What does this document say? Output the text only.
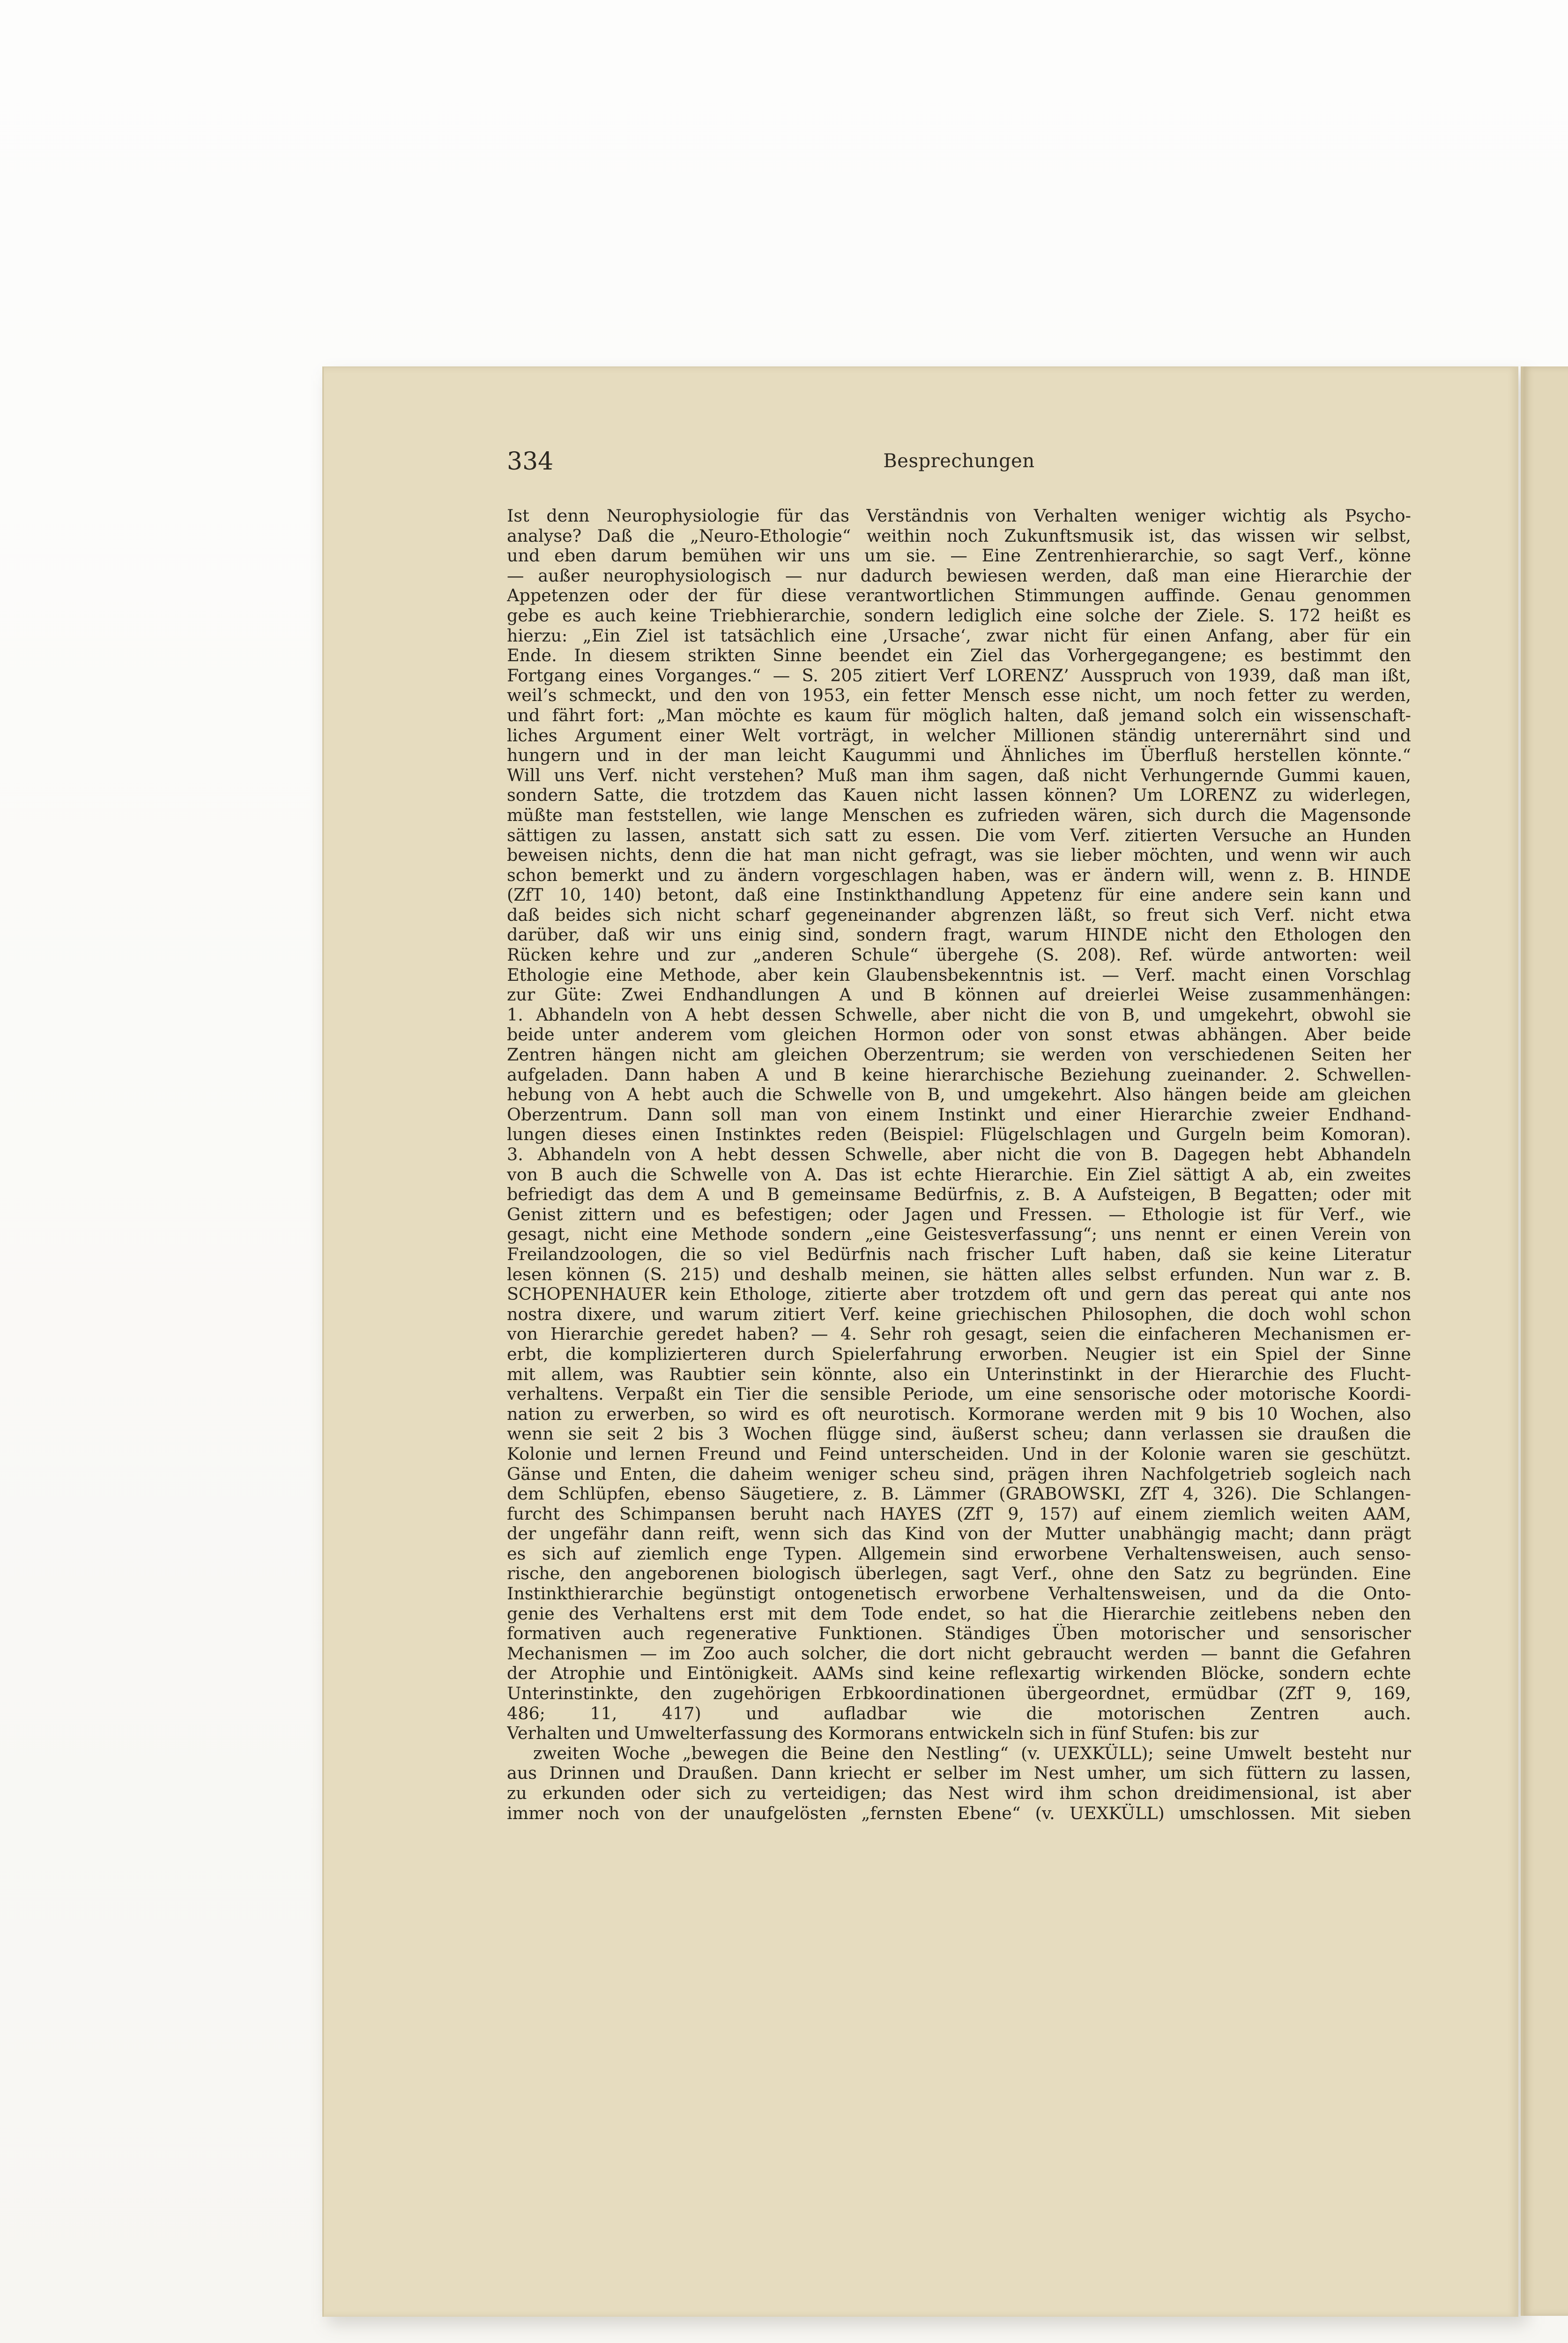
334	Besprechungen
Ist denn Neurophysiologie für das Verständnis von Verhalten weniger wichtig als Psycho-
analyse? Daß die „Neuro-Ethologie“ weithin noch Zukunftsmusik ist, das wissen wir selbst,
und eben darum bemühen wir uns um sie. — Eine Zentrenhierarchie, so sagt Verf., könne
— außer neurophysiologisch — nur dadurch bewiesen werden, daß man eine Hierarchie der
Appetenzen oder der für diese verantwortlichen Stimmungen auffinde. Genau genommen
gebe es auch keine Triebhierarchie, sondern lediglich eine solche der Ziele. S. 172 heißt es
hierzu: „Ein Ziel ist tatsächlich eine ‚Ursache‘, zwar nicht für einen Anfang, aber für ein
Ende. In diesem strikten Sinne beendet ein Ziel das Vorhergegangene; es bestimmt den
Fortgang eines Vorganges.“ — S. 205 zitiert Verf LORENZ’ Ausspruch von 1939, daß man ißt,
weil’s schmeckt, und den von 1953, ein fetter Mensch esse nicht, um noch fetter zu werden,
und fährt fort: „Man möchte es kaum für möglich halten, daß jemand solch ein wissenschaft-
liches Argument einer Welt vorträgt, in welcher Millionen ständig unterernährt sind und
hungern und in der man leicht Kaugummi und Ähnliches im Überfluß herstellen könnte.“
Will uns Verf. nicht verstehen? Muß man ihm sagen, daß nicht Verhungernde Gummi kauen,
sondern Satte, die trotzdem das Kauen nicht lassen können? Um LORENZ zu widerlegen,
müßte man feststellen, wie lange Menschen es zufrieden wären, sich durch die Magensonde
sättigen zu lassen, anstatt sich satt zu essen. Die vom Verf. zitierten Versuche an Hunden
beweisen nichts, denn die hat man nicht gefragt, was sie lieber möchten, und wenn wir auch
schon bemerkt und zu ändern vorgeschlagen haben, was er ändern will, wenn z. B. HINDE
(ZfT 10, 140) betont, daß eine Instinkthandlung Appetenz für eine andere sein kann und
daß beides sich nicht scharf gegeneinander abgrenzen läßt, so freut sich Verf. nicht etwa
darüber, daß wir uns einig sind, sondern fragt, warum HINDE nicht den Ethologen den
Rücken kehre und zur „anderen Schule“ übergehe (S. 208). Ref. würde antworten: weil
Ethologie eine Methode, aber kein Glaubensbekenntnis ist. — Verf. macht einen Vorschlag
zur Güte: Zwei Endhandlungen A und B können auf dreierlei Weise zusammenhängen:
1. Abhandeln von A hebt dessen Schwelle, aber nicht die von B, und umgekehrt, obwohl sie
beide unter anderem vom gleichen Hormon oder von sonst etwas abhängen. Aber beide
Zentren hängen nicht am gleichen Oberzentrum; sie werden von verschiedenen Seiten her
aufgeladen. Dann haben A und B keine hierarchische Beziehung zueinander. 2. Schwellen-
hebung von A hebt auch die Schwelle von B, und umgekehrt. Also hängen beide am gleichen
Oberzentrum. Dann soll man von einem Instinkt und einer Hierarchie zweier Endhand-
lungen dieses einen Instinktes reden (Beispiel: Flügelschlagen und Gurgeln beim Komoran).
3. Abhandeln von A hebt dessen Schwelle, aber nicht die von B. Dagegen hebt Abhandeln
von B auch die Schwelle von A. Das ist echte Hierarchie. Ein Ziel sättigt A ab, ein zweites
befriedigt das dem A und B gemeinsame Bedürfnis, z. B. A Aufsteigen, B Begatten; oder mit
Genist zittern und es befestigen; oder Jagen und Fressen. — Ethologie ist für Verf., wie
gesagt, nicht eine Methode sondern „eine Geistesverfassung“; uns nennt er einen Verein von
Freilandzoologen, die so viel Bedürfnis nach frischer Luft haben, daß sie keine Literatur
lesen können (S. 215) und deshalb meinen, sie hätten alles selbst erfunden. Nun war z. B.
SCHOPENHAUER kein Ethologe, zitierte aber trotzdem oft und gern das pereat qui ante nos
nostra dixere, und warum zitiert Verf. keine griechischen Philosophen, die doch wohl schon
von Hierarchie geredet haben? — 4. Sehr roh gesagt, seien die einfacheren Mechanismen er-
erbt, die komplizierteren durch Spielerfahrung erworben. Neugier ist ein Spiel der Sinne
mit allem, was Raubtier sein könnte, also ein Unterinstinkt in der Hierarchie des Flucht-
verhaltens. Verpaßt ein Tier die sensible Periode, um eine sensorische oder motorische Koordi-
nation zu erwerben, so wird es oft neurotisch. Kormorane werden mit 9 bis 10 Wochen, also
wenn sie seit 2 bis 3 Wochen flügge sind, äußerst scheu; dann verlassen sie draußen die
Kolonie und lernen Freund und Feind unterscheiden. Und in der Kolonie waren sie geschützt.
Gänse und Enten, die daheim weniger scheu sind, prägen ihren Nachfolgetrieb sogleich nach
dem Schlüpfen, ebenso Säugetiere, z. B. Lämmer (GRABOWSKI, ZfT 4, 326). Die Schlangen-
furcht des Schimpansen beruht nach HAYES (ZfT 9, 157) auf einem ziemlich weiten AAM,
der ungefähr dann reift, wenn sich das Kind von der Mutter unabhängig macht; dann prägt
es sich auf ziemlich enge Typen. Allgemein sind erworbene Verhaltensweisen, auch senso-
rische, den angeborenen biologisch überlegen, sagt Verf., ohne den Satz zu begründen. Eine
Instinkthierarchie begünstigt ontogenetisch erworbene Verhaltensweisen, und da die Onto-
genie des Verhaltens erst mit dem Tode endet, so hat die Hierarchie zeitlebens neben den
formativen auch regenerative Funktionen. Ständiges Üben motorischer und sensorischer
Mechanismen — im Zoo auch solcher, die dort nicht gebraucht werden — bannt die Gefahren
der Atrophie und Eintönigkeit. AAMs sind keine reflexartig wirkenden Blöcke, sondern echte
Unterinstinkte, den zugehörigen Erbkoordinationen übergeordnet, ermüdbar (ZfT 9, 169,
486; 11, 417) und aufladbar wie die motorischen Zentren auch.
Verhalten und Umwelterfassung des Kormorans entwickeln sich in fünf Stufen: bis zur
zweiten Woche „bewegen die Beine den Nestling“ (v. UEXKÜLL); seine Umwelt besteht nur
aus Drinnen und Draußen. Dann kriecht er selber im Nest umher, um sich füttern zu lassen,
zu erkunden oder sich zu verteidigen; das Nest wird ihm schon dreidimensional, ist aber
immer noch von der unaufgelösten „fernsten Ebene“ (v. UEXKÜLL) umschlossen. Mit sieben
